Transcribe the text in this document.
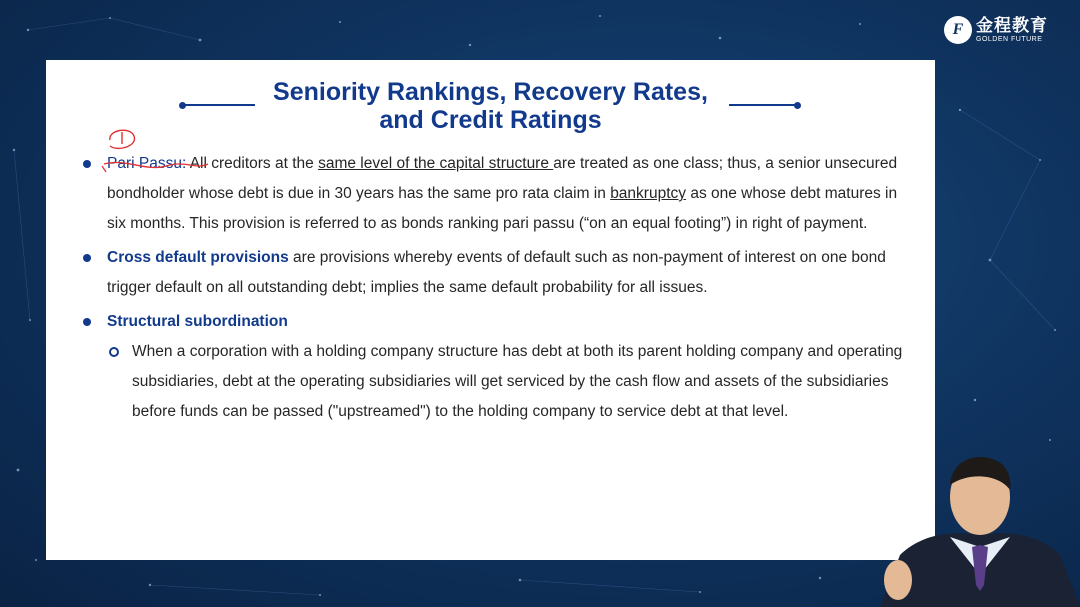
F 金程教育
GOLDEN FUTURE

Seniority Rankings, Recovery Rates,

and Credit Ratings

Pari Passu: All creditors at the same level of the capital structure are treated as one class; thus, a senior unsecured bondholder whose debt is due in 30 years has the same pro rata claim in bankruptcy as one whose debt matures in six months. This provision is referred to as bonds ranking pari passu (“on an equal footing”) in right of payment.
Cross default provisions are provisions whereby events of default such as non-payment of interest on one bond trigger default on all outstanding debt; implies the same default probability for all issues.
Structural subordination
When a corporation with a holding company structure has debt at both its parent holding company and operating subsidiaries, debt at the operating subsidiaries will get serviced by the cash flow and assets of the subsidiaries before funds can be passed ("upstreamed") to the holding company to service debt at that level.
